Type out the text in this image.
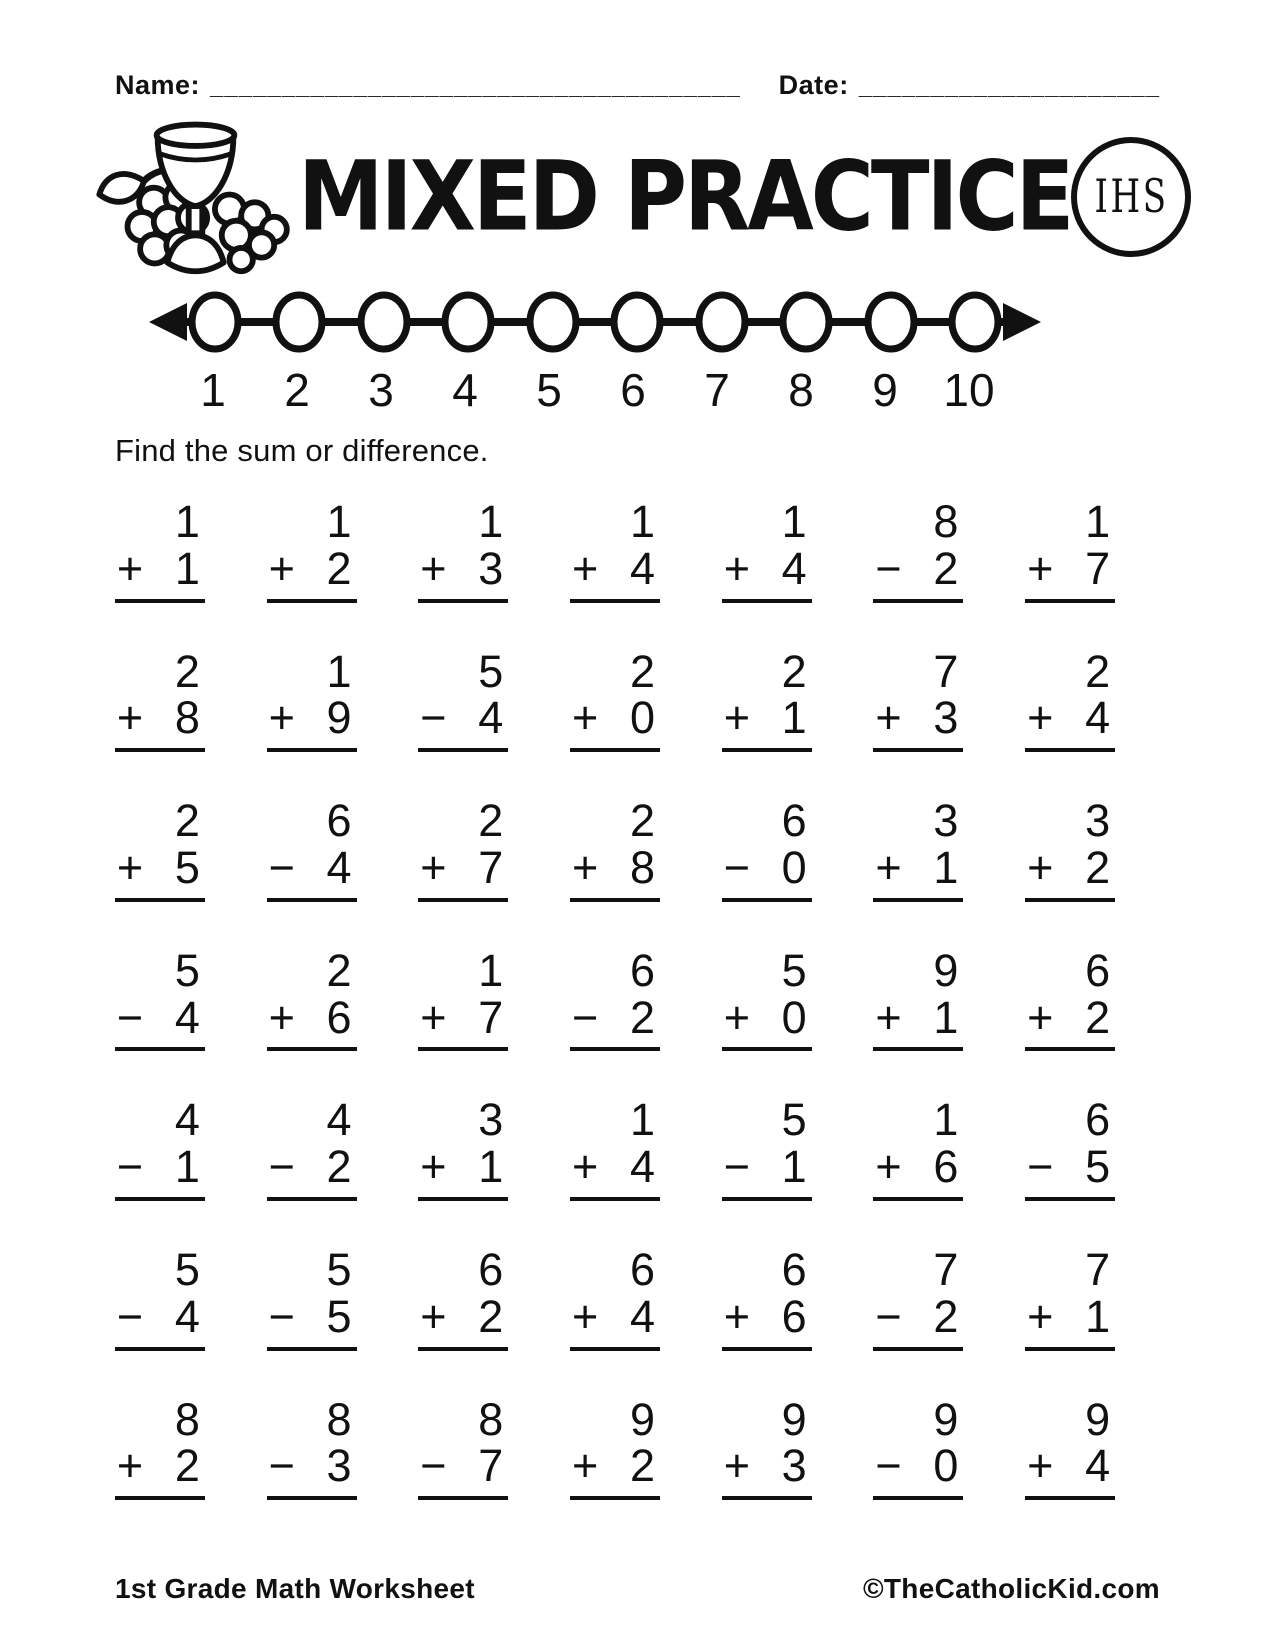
Name: _____________________________________ Date: _____________________
MIXED PRACTICE IHS
1	2	3	4	5	6	7	8	9 10

Find the sum or difference.

1
+ 1
1
+ 2
1
+ 3
1
+ 4
1
+ 4
8
− 2
1
+ 7
2
+ 8
1
+ 9
5
− 4
2
+ 0
2
+ 1
7
+ 3
2
+ 4
2
+ 5
6
− 4
2
+ 7
2
+ 8
6
− 0
3
+ 1
3
+ 2
5
− 4
2
+ 6
1
+ 7
6
− 2
5
+ 0
9
+ 1
6
+ 2
4
− 1
4
− 2
3
+ 1
1
+ 4
5
− 1
1
+ 6
6
− 5
5
− 4
5
− 5
6
+ 2
6
+ 4
6
+ 6
7
− 2
7
+ 1
8
+ 2
8
− 3
8
− 7
9
+ 2
9
+ 3
9
− 0
9
+ 4
1st Grade Math Worksheet	©TheCatholicKid.com
